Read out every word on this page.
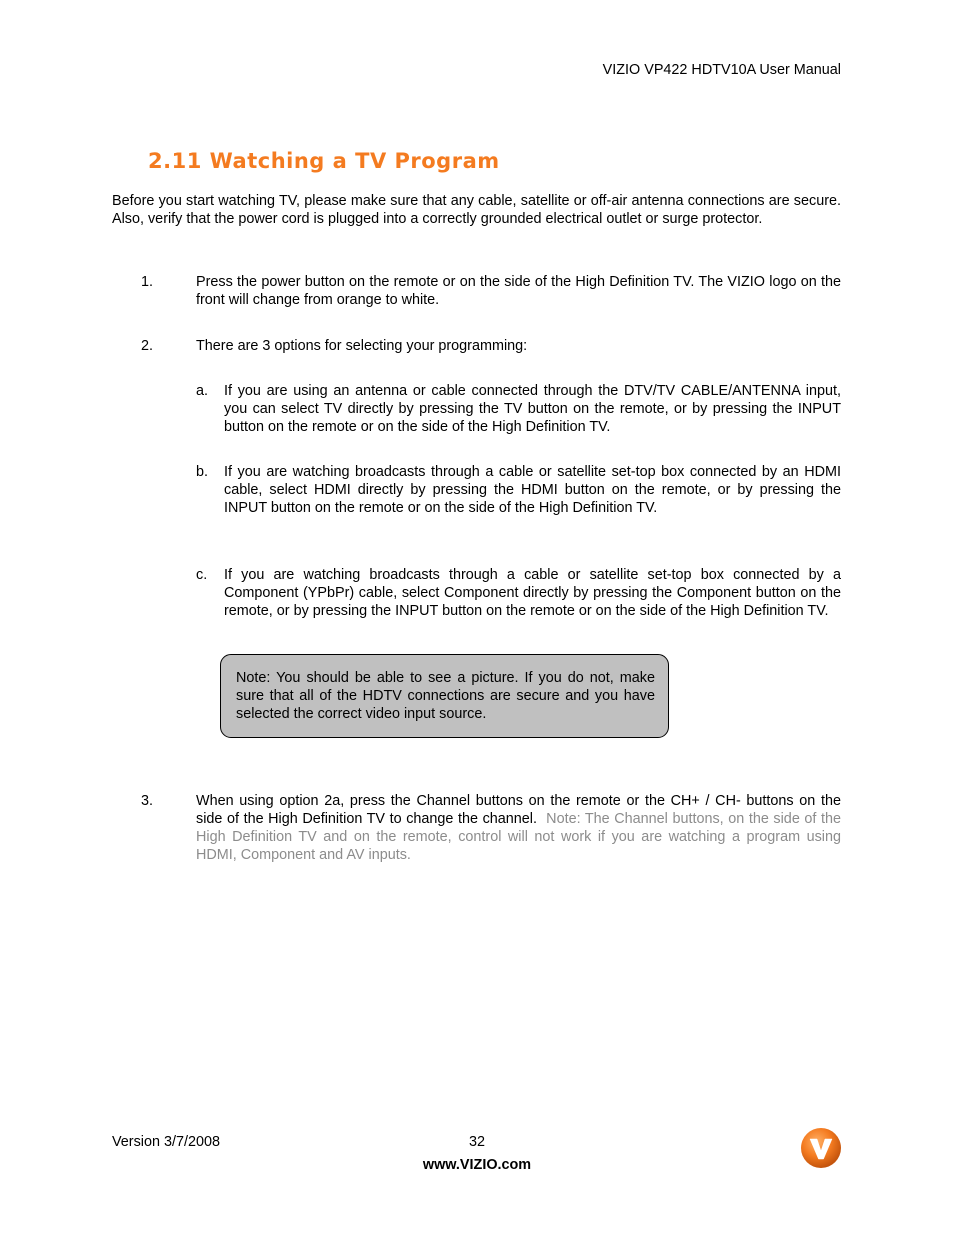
VIZIO VP422 HDTV10A User Manual
2.11 Watching a TV Program
Before you start watching TV, please make sure that any cable, satellite or off-air antenna connections are secure. Also, verify that the power cord is plugged into a correctly grounded electrical outlet or surge protector.
1.	Press the power button on the remote or on the side of the High Definition TV. The VIZIO logo on the front will change from orange to white.
2.	There are 3 options for selecting your programming:
a. If you are using an antenna or cable connected through the DTV/TV CABLE/ANTENNA input, you can select TV directly by pressing the TV button on the remote, or by pressing the INPUT button on the remote or on the side of the High Definition TV.
b. If you are watching broadcasts through a cable or satellite set-top box connected by an HDMI cable, select HDMI directly by pressing the HDMI button on the remote, or by pressing the INPUT button on the remote or on the side of the High Definition TV.
c. If you are watching broadcasts through a cable or satellite set-top box connected by a Component (YPbPr) cable, select Component directly by pressing the Component button on the remote, or by pressing the INPUT button on the remote or on the side of the High Definition TV.
Note: You should be able to see a picture. If you do not, make sure that all of the HDTV connections are secure and you have selected the correct video input source.
3.	When using option 2a, press the Channel buttons on the remote or the CH+ / CH- buttons on the side of the High Definition TV to change the channel. Note: The Channel buttons, on the side of the High Definition TV and on the remote, control will not work if you are watching a program using HDMI, Component and AV inputs.
Version 3/7/2008	32
www.VIZIO.com
